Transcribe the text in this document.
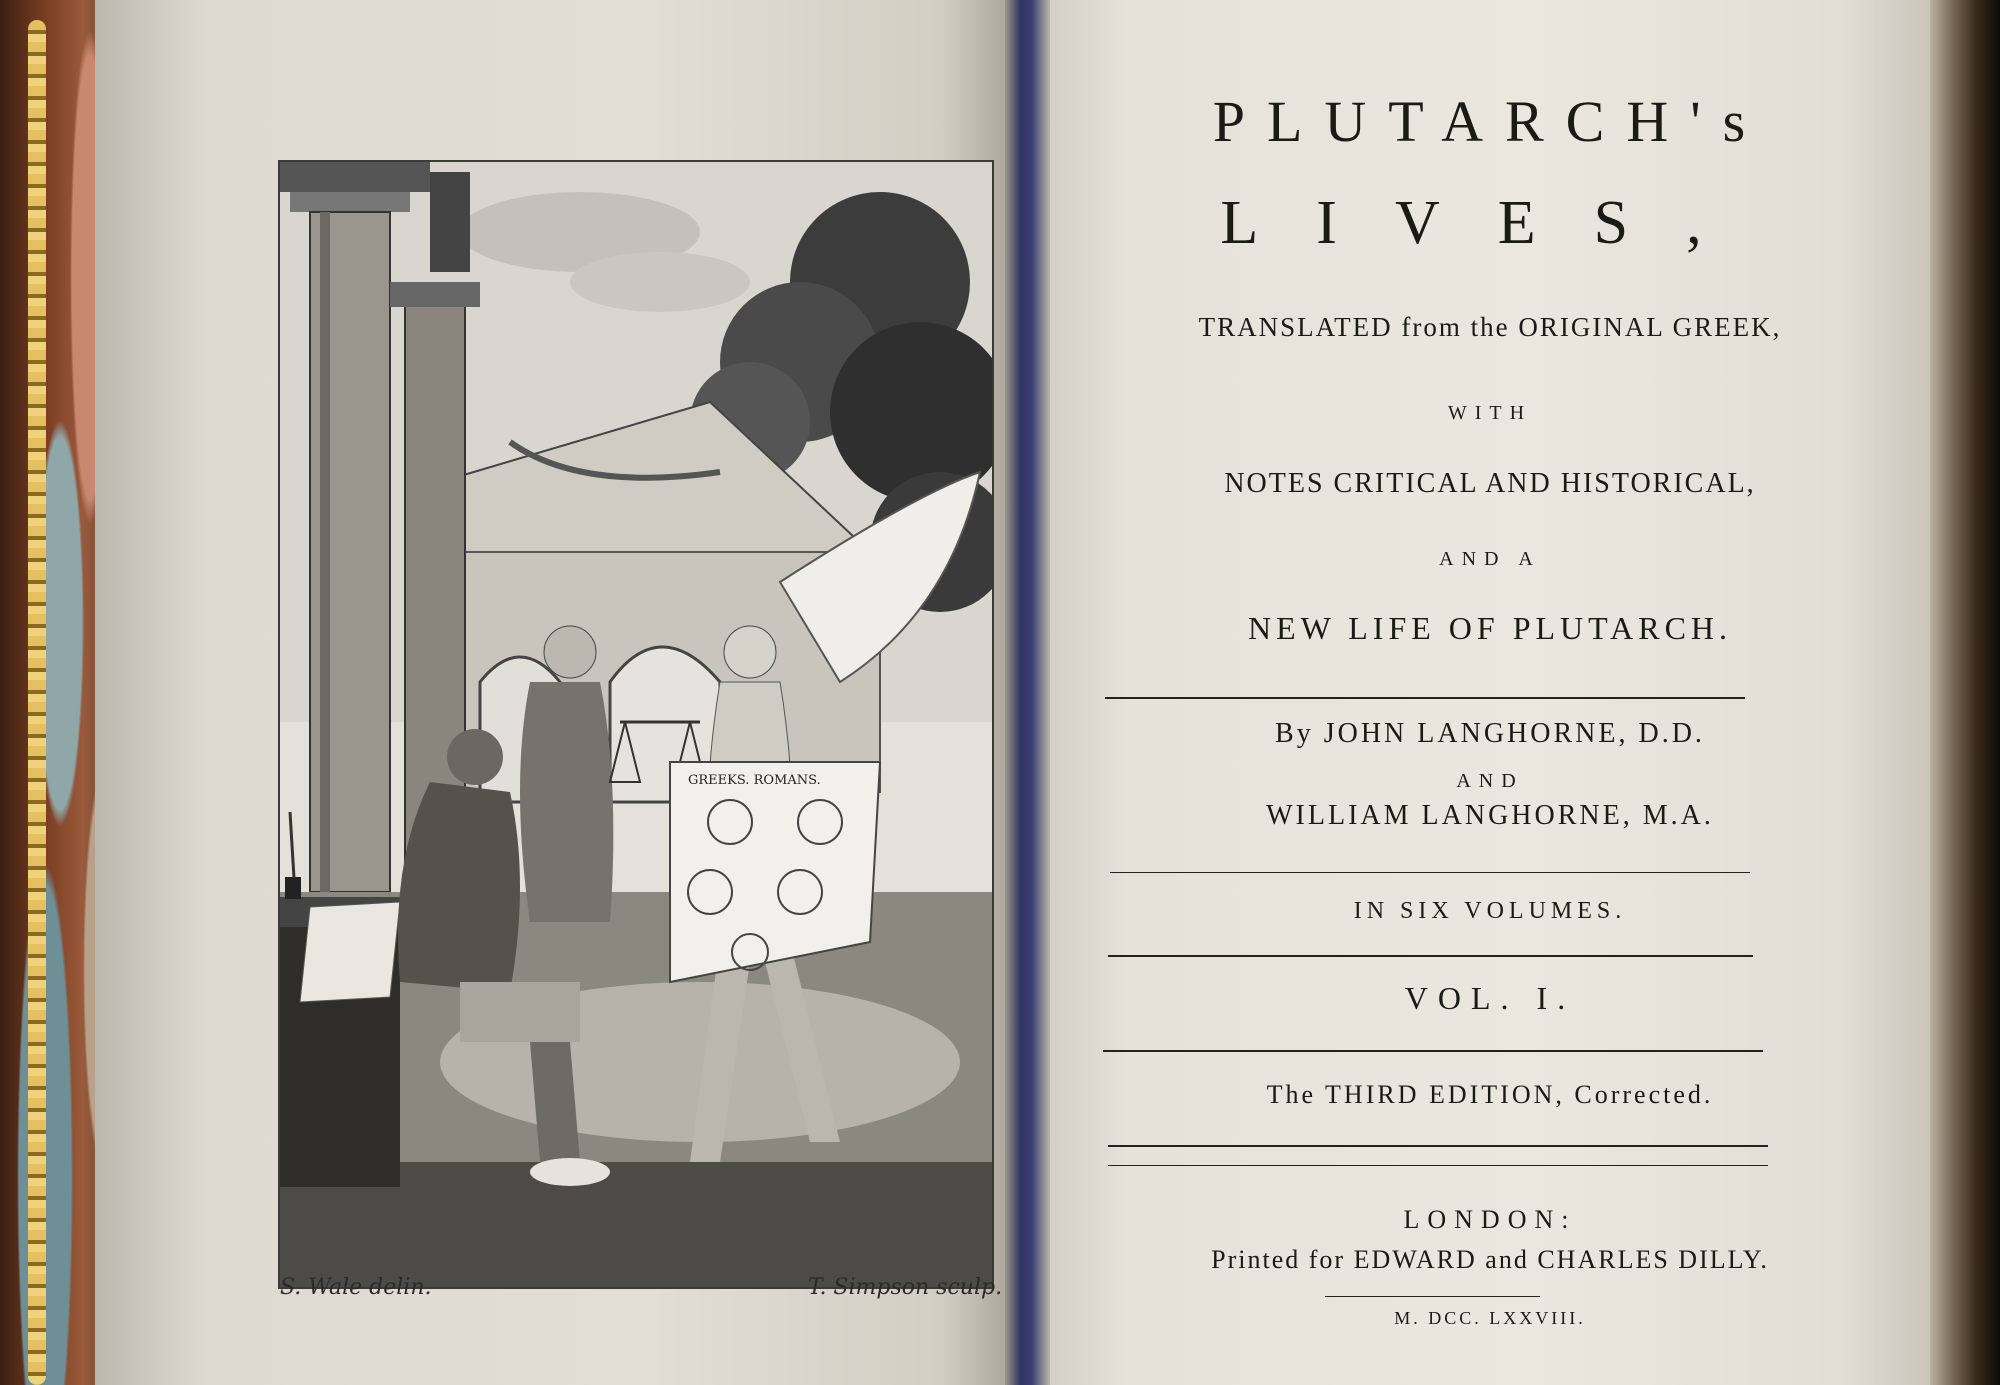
GREEKS. ROMANS.
S. Wale delin.	T. Simpson sculp.
PLUTARCH's
LIVES,
TRANSLATED from the ORIGINAL GREEK,
WITH
NOTES CRITICAL AND HISTORICAL,
AND A
NEW LIFE OF PLUTARCH.
By JOHN LANGHORNE, D.D.
AND
WILLIAM LANGHORNE, M.A.
IN SIX VOLUMES.
VOL. I.
The THIRD EDITION, Corrected.
LONDON:
Printed for EDWARD and CHARLES DILLY.
M. DCC. LXXVIII.
